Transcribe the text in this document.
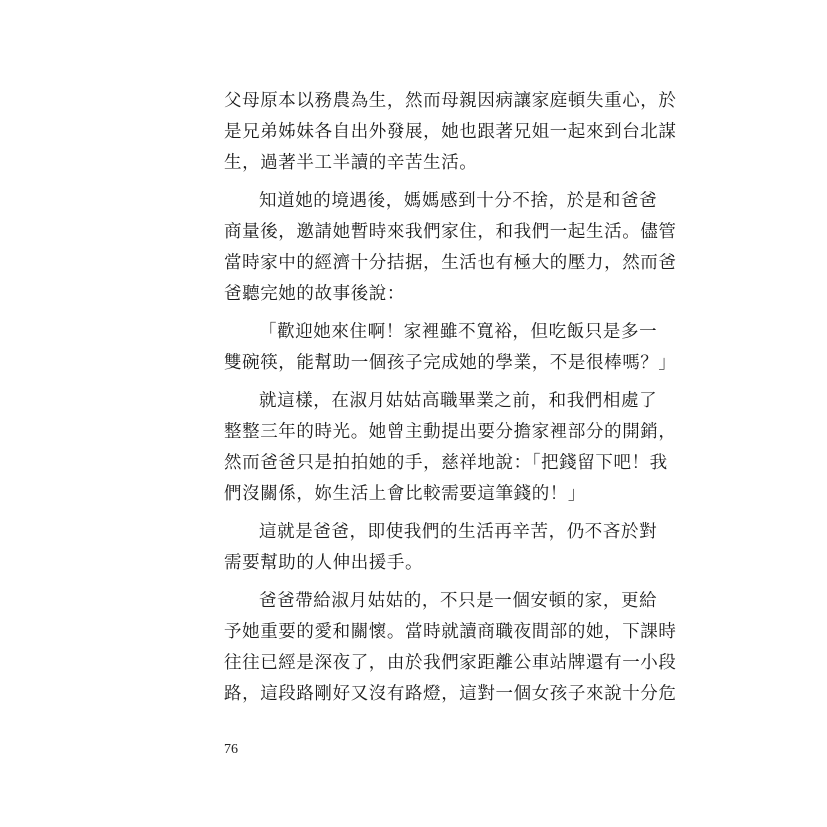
父母原本以務農為生，然而母親因病讓家庭頓失重心，於
是兄弟姊妹各自出外發展，她也跟著兄姐一起來到台北謀
生，過著半工半讀的辛苦生活。
知道她的境遇後，媽媽感到十分不捨，於是和爸爸
商量後，邀請她暫時來我們家住，和我們一起生活。儘管
當時家中的經濟十分拮据，生活也有極大的壓力，然而爸
爸聽完她的故事後說：
「歡迎她來住啊！家裡雖不寬裕，但吃飯只是多一
雙碗筷，能幫助一個孩子完成她的學業，不是很棒嗎？」
就這樣，在淑月姑姑高職畢業之前，和我們相處了
整整三年的時光。她曾主動提出要分擔家裡部分的開銷，
然而爸爸只是拍拍她的手，慈祥地說：「把錢留下吧！我
們沒關係，妳生活上會比較需要這筆錢的！」
這就是爸爸，即使我們的生活再辛苦，仍不吝於對
需要幫助的人伸出援手。
爸爸帶給淑月姑姑的，不只是一個安頓的家，更給
予她重要的愛和關懷。當時就讀商職夜間部的她，下課時
往往已經是深夜了，由於我們家距離公車站牌還有一小段
路，這段路剛好又沒有路燈，這對一個女孩子來說十分危
76
